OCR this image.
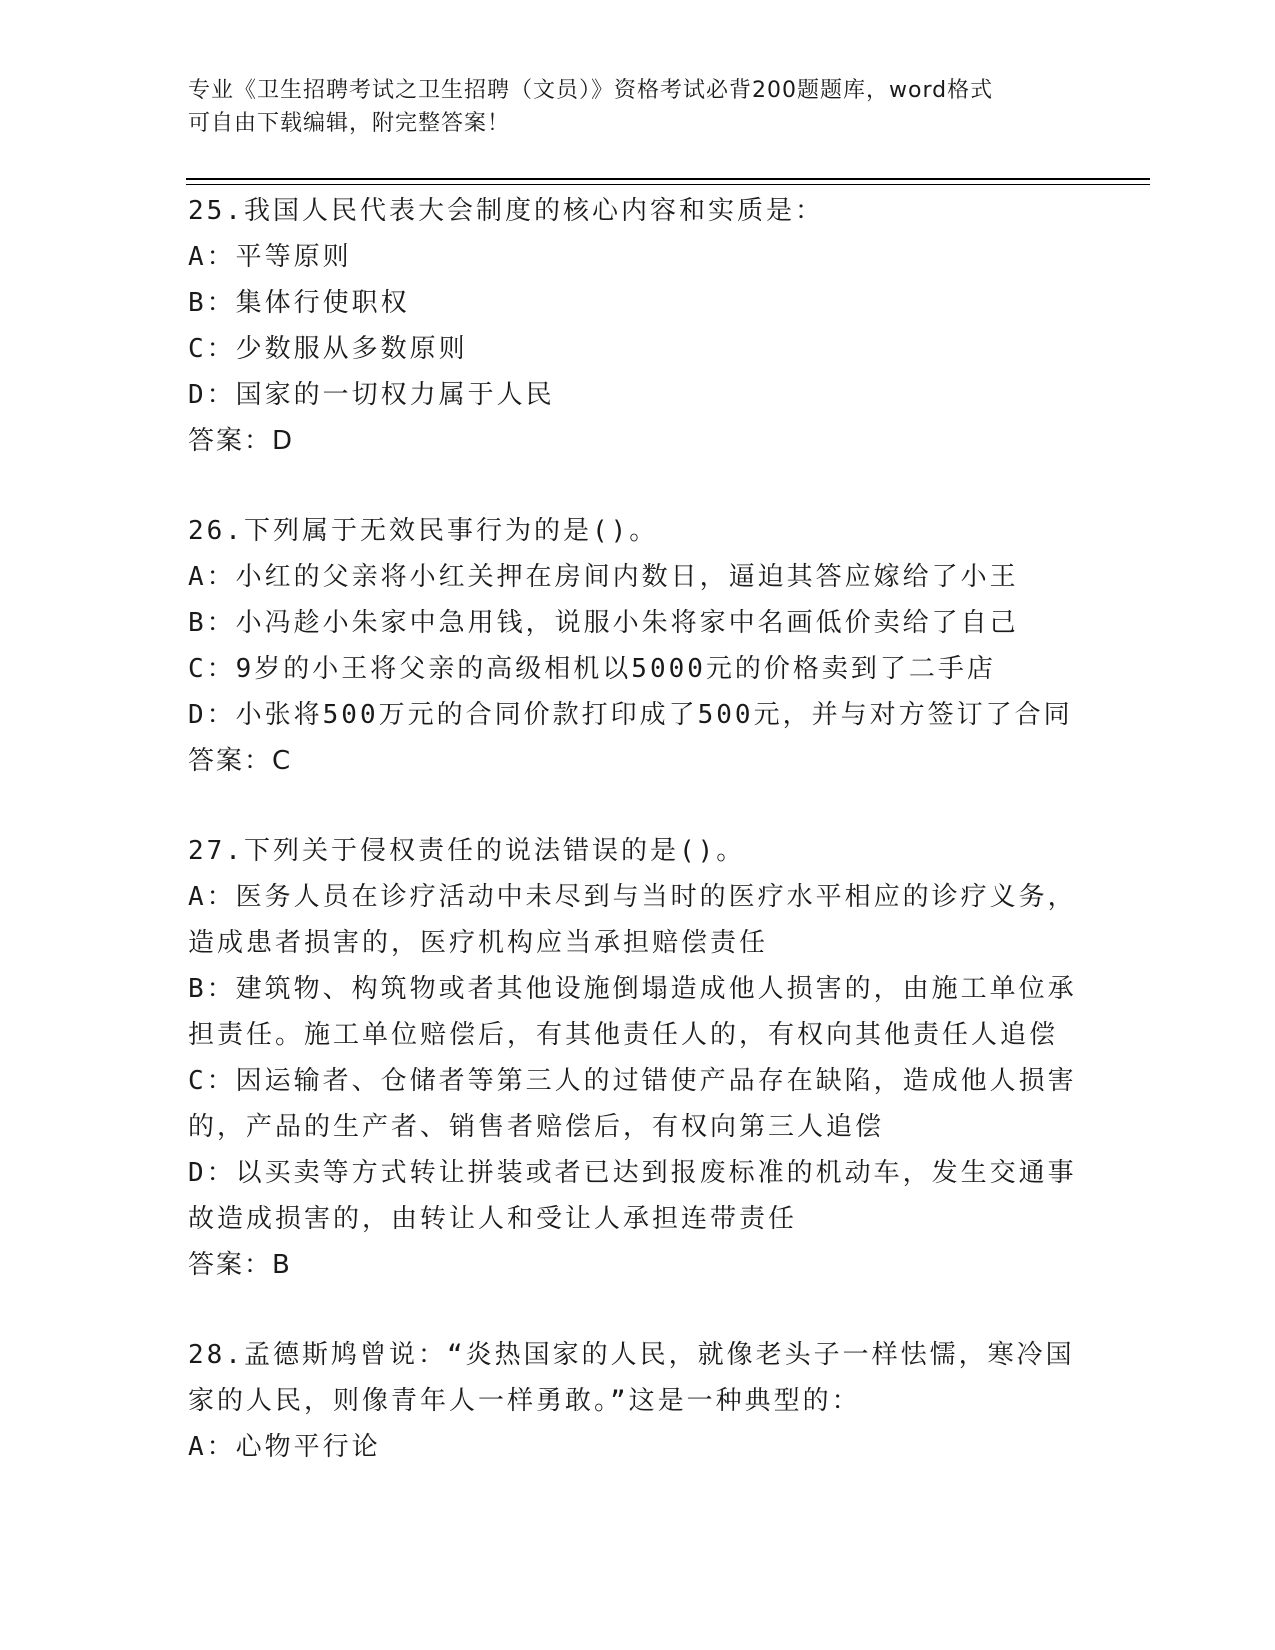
专业《卫生招聘考试之卫生招聘（文员）》资格考试必背200题题库，word格式
可自由下载编辑，附完整答案！
25.我国人民代表大会制度的核心内容和实质是：
A：平等原则
B：集体行使职权
C：少数服从多数原则
D：国家的一切权力属于人民
答案：D
26.下列属于无效民事行为的是()。
A：小红的父亲将小红关押在房间内数日，逼迫其答应嫁给了小王
B：小冯趁小朱家中急用钱，说服小朱将家中名画低价卖给了自己
C：9岁的小王将父亲的高级相机以5000元的价格卖到了二手店
D：小张将500万元的合同价款打印成了500元，并与对方签订了合同
答案：C
27.下列关于侵权责任的说法错误的是()。
A：医务人员在诊疗活动中未尽到与当时的医疗水平相应的诊疗义务，
造成患者损害的，医疗机构应当承担赔偿责任
B：建筑物、构筑物或者其他设施倒塌造成他人损害的，由施工单位承
担责任。施工单位赔偿后，有其他责任人的，有权向其他责任人追偿
C：因运输者、仓储者等第三人的过错使产品存在缺陷，造成他人损害
的，产品的生产者、销售者赔偿后，有权向第三人追偿
D：以买卖等方式转让拼装或者已达到报废标准的机动车，发生交通事
故造成损害的，由转让人和受让人承担连带责任
答案：B
28.孟德斯鸠曾说：“炎热国家的人民，就像老头子一样怯懦，寒冷国
家的人民，则像青年人一样勇敢。”这是一种典型的：
A：心物平行论
